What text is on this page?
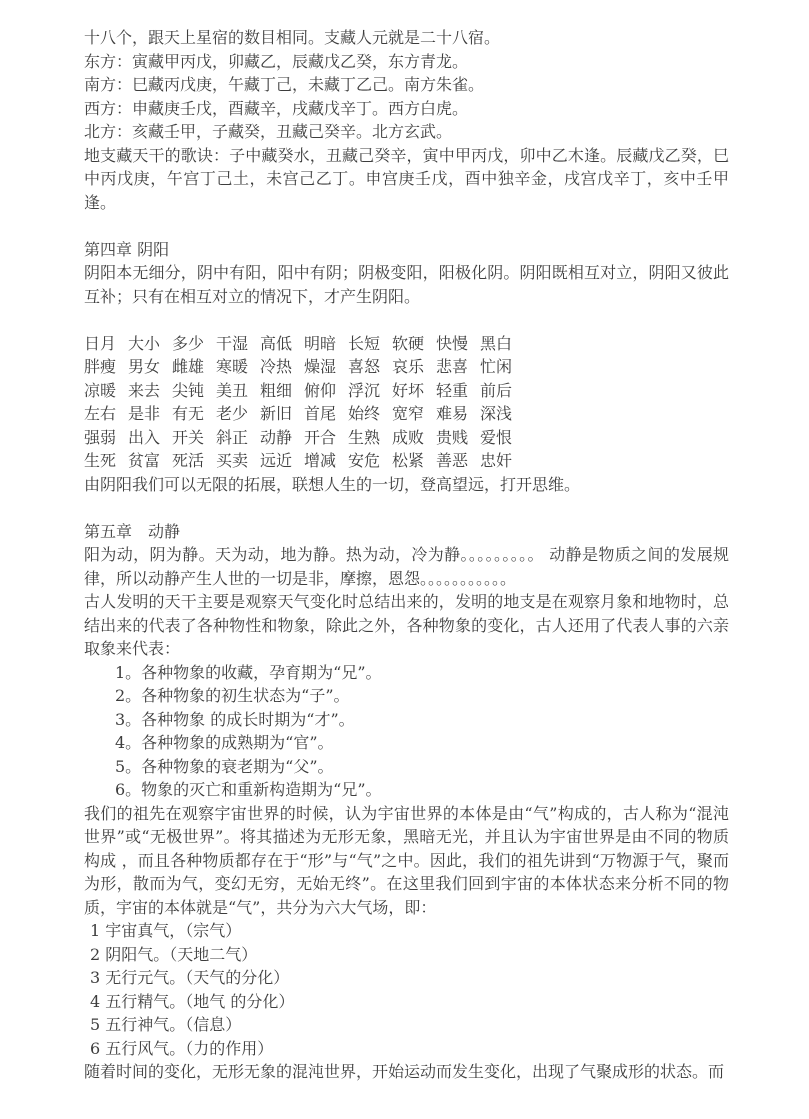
十八个，跟天上星宿的数目相同。支藏人元就是二十八宿。

东方：寅藏甲丙戊，卯藏乙，辰藏戊乙癸，东方青龙。

南方：巳藏丙戊庚，午藏丁己，未藏丁乙己。南方朱雀。

西方：申藏庚壬戊，酉藏辛，戌藏戊辛丁。西方白虎。

北方：亥藏壬甲，子藏癸，丑藏己癸辛。北方玄武。

地支藏天干的歌诀：子中藏癸水，丑藏己癸辛，寅中甲丙戊，卯中乙木逢。辰藏戊乙癸，巳中丙戊庚，午宫丁己土，未宫己乙丁。申宫庚壬戊，酉中独辛金，戌宫戊辛丁，亥中壬甲逢。

第四章 阴阳

阴阳本无细分，阴中有阳，阳中有阴；阴极变阳，阳极化阴。阴阳既相互对立，阴阳又彼此互补；只有在相互对立的情况下，才产生阴阳。

日月 大小 多少 干湿 高低 明暗 长短 软硬 快慢 黑白
胖瘦 男女 雌雄 寒暖 冷热 燥湿 喜怒 哀乐 悲喜 忙闲
凉暖 来去 尖钝 美丑 粗细 俯仰 浮沉 好坏 轻重 前后
左右 是非 有无 老少 新旧 首尾 始终 宽窄 难易 深浅
强弱 出入 开关 斜正 动静 开合 生熟 成败 贵贱 爱恨
生死 贫富 死活 买卖 远近 增减 安危 松紧 善恶 忠奸

由阴阳我们可以无限的拓展，联想人生的一切，登高望远，打开思维。

第五章　动静

阳为动，阴为静。天为动，地为静。热为动，冷为静。。。。。。。。。 动静是物质之间的发展规律，所以动静产生人世的一切是非，摩擦，恩怨。。。。。。。。。。。

古人发明的天干主要是观察天气变化时总结出来的，发明的地支是在观察月象和地物时，总结出来的代表了各种物性和物象，除此之外，各种物象的变化，古人还用了代表人事的六亲取象来代表：

1。各种物象的收藏，孕育期为“兄”。
2。各种物象的初生状态为“子”。
3。各种物象 的成长时期为“才”。
4。各种物象的成熟期为“官”。
5。各种物象的衰老期为“父”。
6。物象的灭亡和重新构造期为“兄”。

我们的祖先在观察宇宙世界的时候，认为宇宙世界的本体是由“气”构成的，古人称为“混沌世界”或“无极世界”。将其描述为无形无象，黑暗无光，并且认为宇宙世界是由不同的物质构成 ，而且各种物质都存在于“形”与“气”之中。因此，我们的祖先讲到“万物源于气，聚而为形，散而为气，变幻无穷，无始无终”。在这里我们回到宇宙的本体状态来分析不同的物质，宇宙的本体就是“气”，共分为六大气场，即：

1 宇宙真气，（宗气）
2 阴阳气。（天地二气）
3 无行元气。（天气的分化）
4 五行精气。（地气 的分化）
5 五行神气。（信息）
6 五行风气。（力的作用）

随着时间的变化，无形无象的混沌世界，开始运动而发生变化，出现了气聚成形的状态。而
